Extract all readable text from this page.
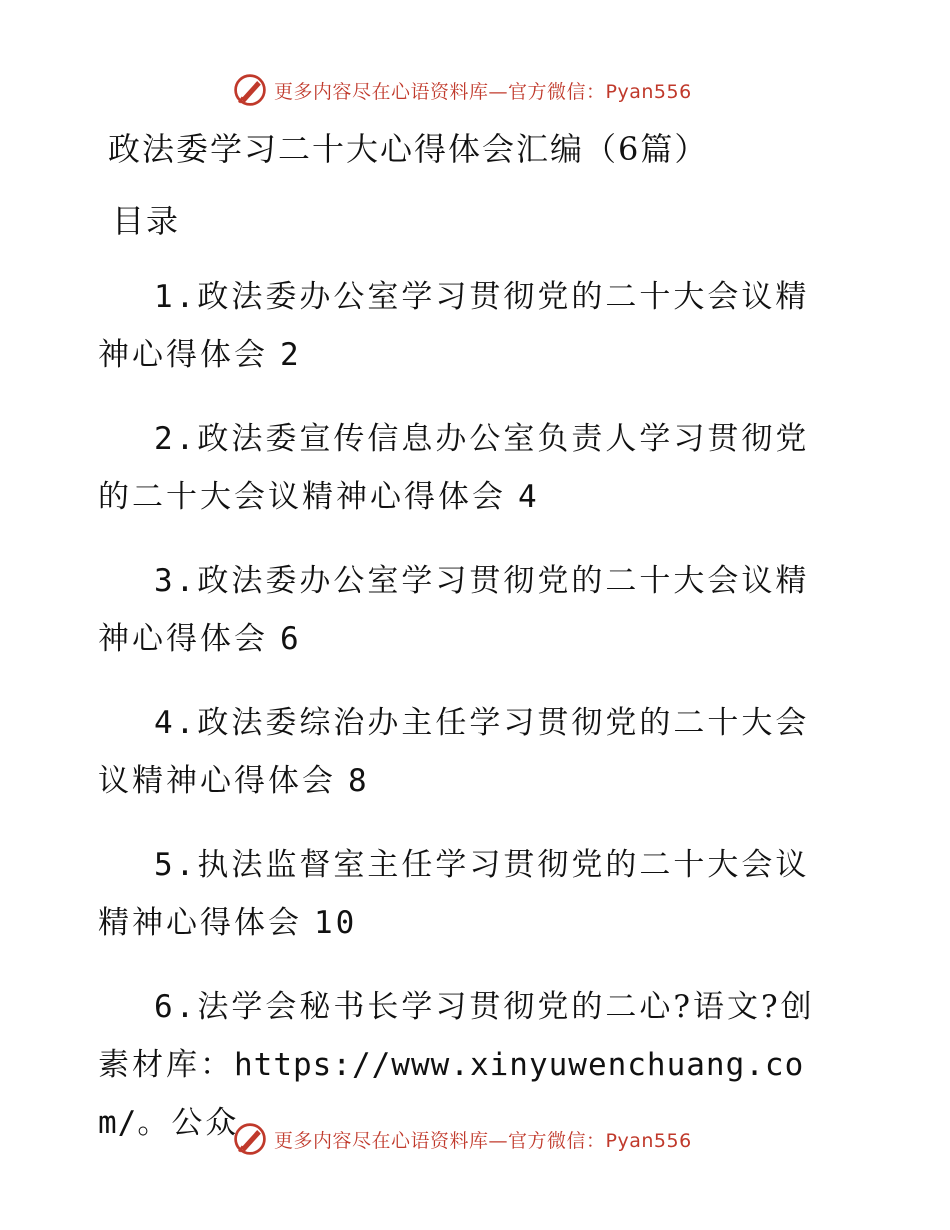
更多内容尽在心语资料库—官方微信：Pyan556
政法委学习二十大心得体会汇编（6篇）
目录

1.政法委办公室学习贯彻党的二十大会议精神心得体会 2

2.政法委宣传信息办公室负责人学习贯彻党的二十大会议精神心得体会 4

3.政法委办公室学习贯彻党的二十大会议精神心得体会 6

4.政法委综治办主任学习贯彻党的二十大会议精神心得体会 8

5.执法监督室主任学习贯彻党的二十大会议精神心得体会 10

6.法学会秘书长学习贯彻党的二心?语文?创素材库：https://www.xinyuwenchuang.com/。公众	更多内容尽在心语资料库—官方微信：Pyan556
